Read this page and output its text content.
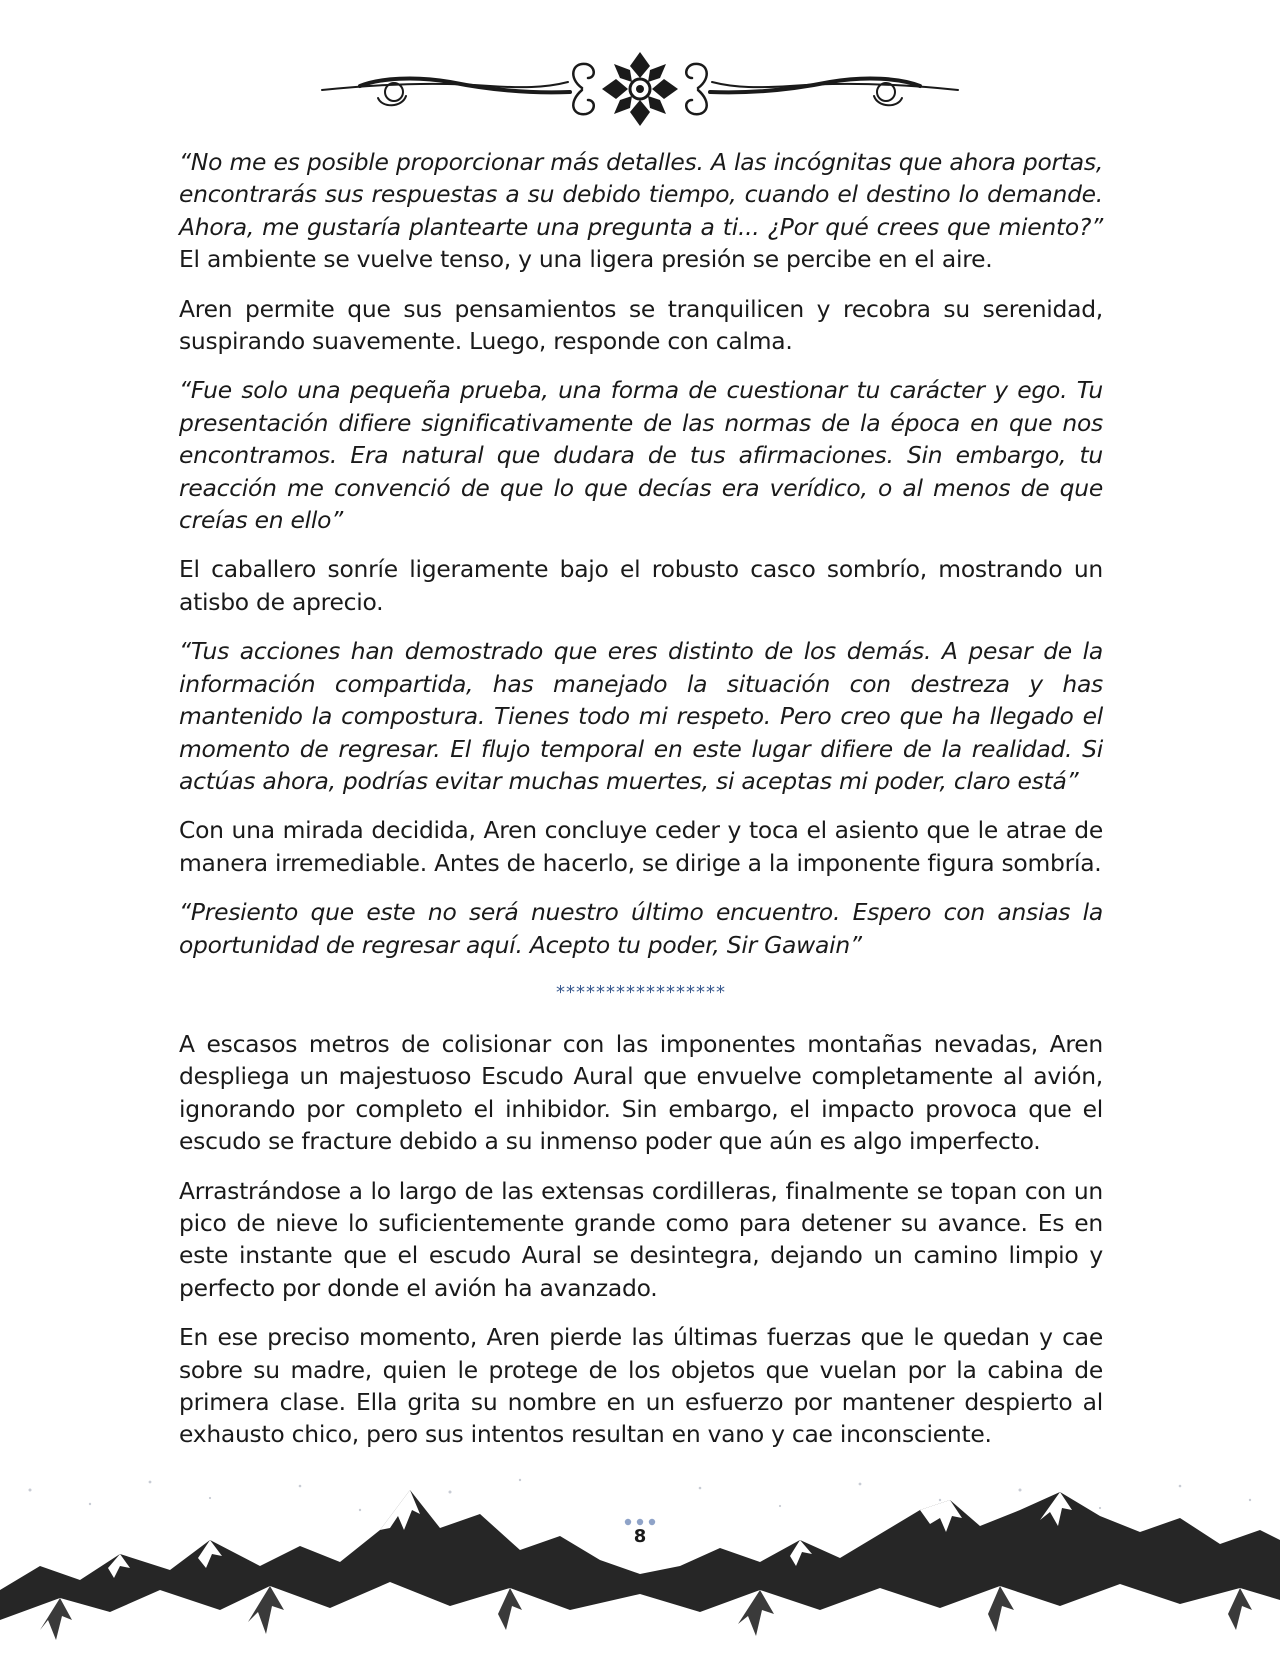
“No me es posible proporcionar más detalles. A las incógnitas que ahora portas, encontrarás sus respuestas a su debido tiempo, cuando el destino lo demande. Ahora, me gustaría plantearte una pregunta a ti... ¿Por qué crees que miento?” El ambiente se vuelve tenso, y una ligera presión se percibe en el aire.

Aren permite que sus pensamientos se tranquilicen y recobra su serenidad, suspirando suavemente. Luego, responde con calma.

“Fue solo una pequeña prueba, una forma de cuestionar tu carácter y ego. Tu presentación difiere significativamente de las normas de la época en que nos encontramos. Era natural que dudara de tus afirmaciones. Sin embargo, tu reacción me convenció de que lo que decías era verídico, o al menos de que creías en ello”

El caballero sonríe ligeramente bajo el robusto casco sombrío, mostrando un atisbo de aprecio.

“Tus acciones han demostrado que eres distinto de los demás. A pesar de la información compartida, has manejado la situación con destreza y has mantenido la compostura. Tienes todo mi respeto. Pero creo que ha llegado el momento de regresar. El flujo temporal en este lugar difiere de la realidad. Si actúas ahora, podrías evitar muchas muertes, si aceptas mi poder, claro está”

Con una mirada decidida, Aren concluye ceder y toca el asiento que le atrae de manera irremediable. Antes de hacerlo, se dirige a la imponente figura sombría.

“Presiento que este no será nuestro último encuentro. Espero con ansias la oportunidad de regresar aquí. Acepto tu poder, Sir Gawain”

*****************

A escasos metros de colisionar con las imponentes montañas nevadas, Aren despliega un majestuoso Escudo Aural que envuelve completamente al avión, ignorando por completo el inhibidor. Sin embargo, el impacto provoca que el escudo se fracture debido a su inmenso poder que aún es algo imperfecto.

Arrastrándose a lo largo de las extensas cordilleras, finalmente se topan con un pico de nieve lo suficientemente grande como para detener su avance. Es en este instante que el escudo Aural se desintegra, dejando un camino limpio y perfecto por donde el avión ha avanzado.

En ese preciso momento, Aren pierde las últimas fuerzas que le quedan y cae sobre su madre, quien le protege de los objetos que vuelan por la cabina de primera clase. Ella grita su nombre en un esfuerzo por mantener despierto al exhausto chico, pero sus intentos resultan en vano y cae inconsciente.

8
